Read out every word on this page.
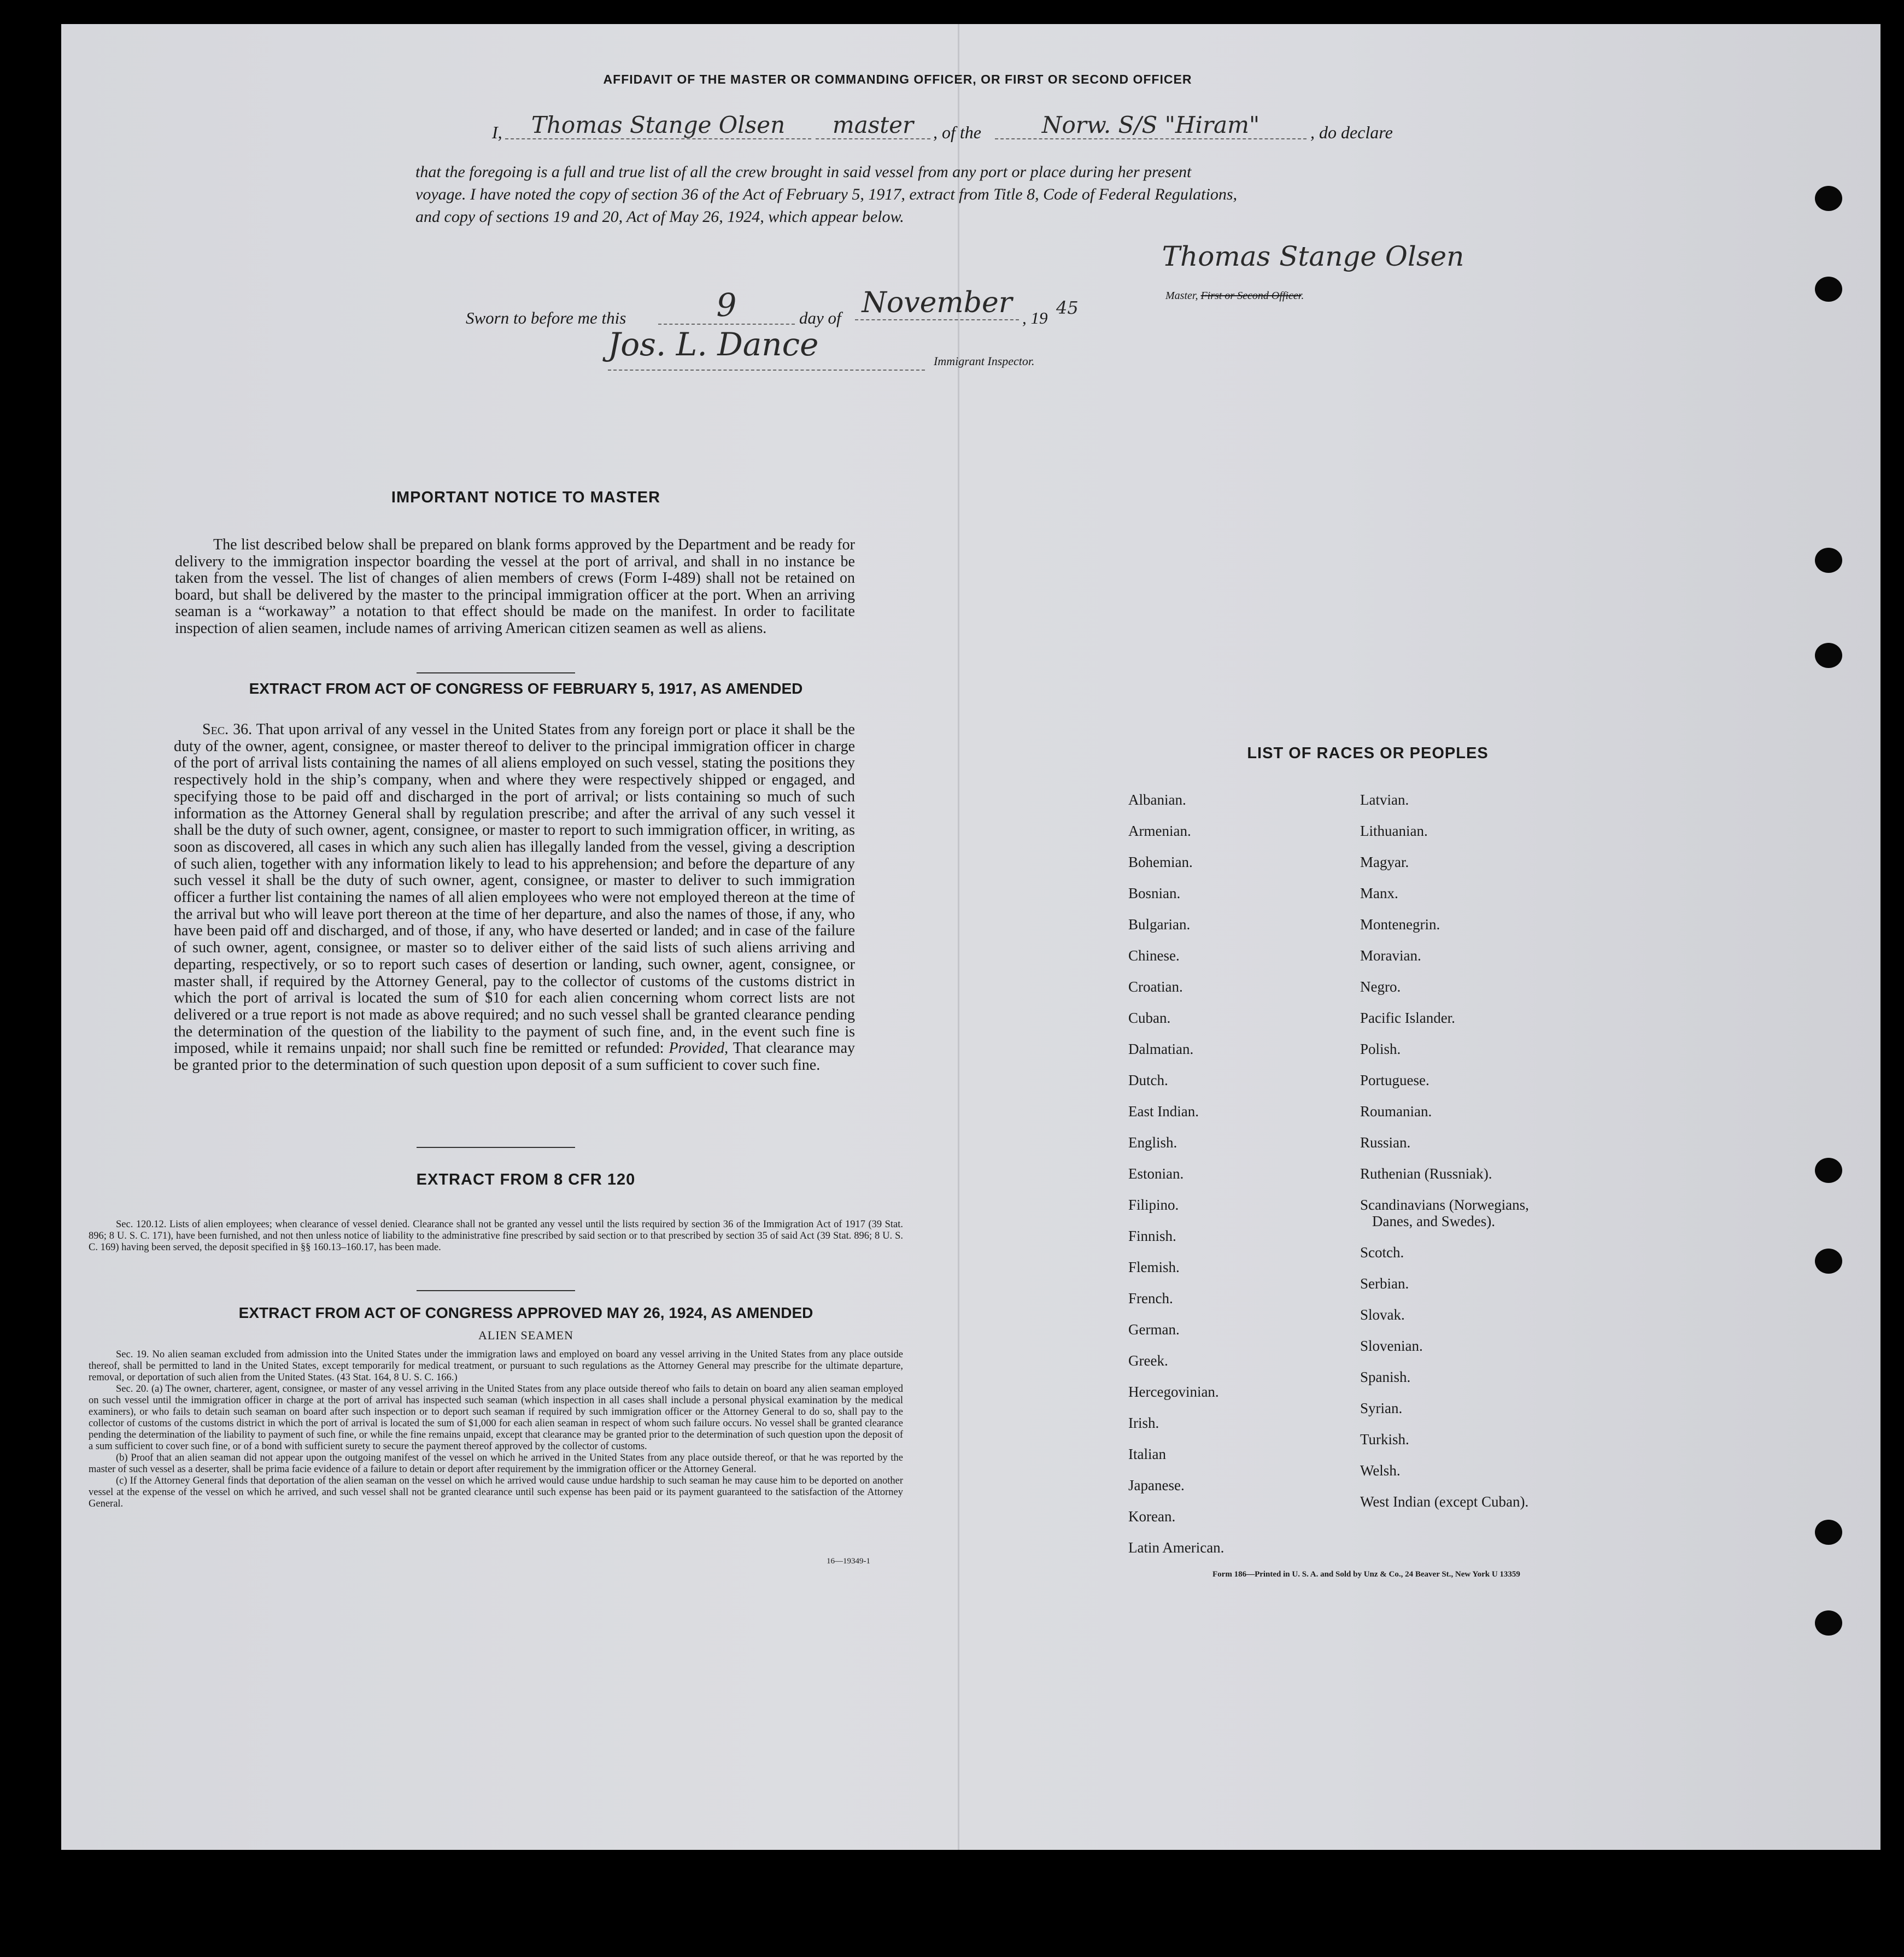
AFFIDAVIT OF THE MASTER OR COMMANDING OFFICER, OR FIRST OR SECOND OFFICER
I,	Thomas Stange Olsen	master	, of the	Norw. S/S "Hiram"	, do declare
that the foregoing is a full and true list of all the crew brought in said vessel from any port or place during her present
voyage. I have noted the copy of section 36 of the Act of February 5, 1917, extract from Title 8, Code of Federal Regulations,
and copy of sections 19 and 20, Act of May 26, 1924, which appear below.
Thomas Stange Olsen
Master, First or Second Officer.
Sworn to before me this	9	day of November , 19 45
Jos. L. Dance	Immigrant Inspector.
IMPORTANT NOTICE TO MASTER
The list described below shall be prepared on blank forms approved by the Department and be ready for delivery to the immigration inspector boarding the vessel at the port of arrival, and shall in no instance be taken from the vessel. The list of changes of alien members of crews (Form I-489) shall not be retained on board, but shall be delivered by the master to the principal immigration officer at the port. When an arriving seaman is a “workaway” a notation to that effect should be made on the manifest. In order to facilitate inspection of alien seamen, include names of arriving American citizen seamen as well as aliens.
EXTRACT FROM ACT OF CONGRESS OF FEBRUARY 5, 1917, AS AMENDED
Sec. 36. That upon arrival of any vessel in the United States from any foreign port or place it shall be the duty of the owner, agent, consignee, or master thereof to deliver to the principal immigration officer in charge of the port of arrival lists containing the names of all aliens employed on such vessel, stating the positions they respectively hold in the ship’s company, when and where they were respectively shipped or engaged, and specifying those to be paid off and discharged in the port of arrival; or lists containing so much of such information as the Attorney General shall by regulation prescribe; and after the arrival of any such vessel it shall be the duty of such owner, agent, consignee, or master to report to such immigration officer, in writing, as soon as discovered, all cases in which any such alien has illegally landed from the vessel, giving a description of such alien, together with any information likely to lead to his apprehension; and before the departure of any such vessel it shall be the duty of such owner, agent, consignee, or master to deliver to such immigration officer a further list containing the names of all alien employees who were not employed thereon at the time of the arrival but who will leave port thereon at the time of her departure, and also the names of those, if any, who have been paid off and discharged, and of those, if any, who have deserted or landed; and in case of the failure of such owner, agent, consignee, or master so to deliver either of the said lists of such aliens arriving and departing, respectively, or so to report such cases of desertion or landing, such owner, agent, consignee, or master shall, if required by the Attorney General, pay to the collector of customs of the customs district in which the port of arrival is located the sum of $10 for each alien concerning whom correct lists are not delivered or a true report is not made as above required; and no such vessel shall be granted clearance pending the determination of the question of the liability to the payment of such fine, and, in the event such fine is imposed, while it remains unpaid; nor shall such fine be remitted or refunded: Provided, That clearance may be granted prior to the determination of such question upon deposit of a sum sufficient to cover such fine.
EXTRACT FROM 8 CFR 120
Sec. 120.12. Lists of alien employees; when clearance of vessel denied. Clearance shall not be granted any vessel until the lists required by section 36 of the Immigration Act of 1917 (39 Stat. 896; 8 U. S. C. 171), have been furnished, and not then unless notice of liability to the administrative fine prescribed by said section or to that prescribed by section 35 of said Act (39 Stat. 896; 8 U. S. C. 169) having been served, the deposit specified in §§ 160.13–160.17, has been made.
EXTRACT FROM ACT OF CONGRESS APPROVED MAY 26, 1924, AS AMENDED
ALIEN SEAMEN
Sec. 19. No alien seaman excluded from admission into the United States under the immigration laws and employed on board any vessel arriving in the United States from any place outside thereof, shall be permitted to land in the United States, except temporarily for medical treatment, or pursuant to such regulations as the Attorney General may prescribe for the ultimate departure, removal, or deportation of such alien from the United States. (43 Stat. 164, 8 U. S. C. 166.)
Sec. 20. (a) The owner, charterer, agent, consignee, or master of any vessel arriving in the United States from any place outside thereof who fails to detain on board any alien seaman employed on such vessel until the immigration officer in charge at the port of arrival has inspected such seaman (which inspection in all cases shall include a personal physical examination by the medical examiners), or who fails to detain such seaman on board after such inspection or to deport such seaman if required by such immigration officer or the Attorney General to do so, shall pay to the collector of customs of the customs district in which the port of arrival is located the sum of $1,000 for each alien seaman in respect of whom such failure occurs. No vessel shall be granted clearance pending the determination of the liability to payment of such fine, or while the fine remains unpaid, except that clearance may be granted prior to the determination of such question upon the deposit of a sum sufficient to cover such fine, or of a bond with sufficient surety to secure the payment thereof approved by the collector of customs.
(b) Proof that an alien seaman did not appear upon the outgoing manifest of the vessel on which he arrived in the United States from any place outside thereof, or that he was reported by the master of such vessel as a deserter, shall be prima facie evidence of a failure to detain or deport after requirement by the immigration officer or the Attorney General.
(c) If the Attorney General finds that deportation of the alien seaman on the vessel on which he arrived would cause undue hardship to such seaman he may cause him to be deported on another vessel at the expense of the vessel on which he arrived, and such vessel shall not be granted clearance until such expense has been paid or its payment guaranteed to the satisfaction of the Attorney General.
16—19349-1
LIST OF RACES OR PEOPLES
Albanian.
Armenian.
Bohemian.
Bosnian.
Bulgarian.
Chinese.
Croatian.
Cuban.
Dalmatian.
Dutch.
East Indian.
English.
Estonian.
Filipino.
Finnish.
Flemish.
French.
German.
Greek.
Hercegovinian.
Irish.
Italian
Japanese.
Korean.
Latin American.
Latvian.
Lithuanian.
Magyar.
Manx.
Montenegrin.
Moravian.
Negro.
Pacific Islander.
Polish.
Portuguese.
Roumanian.
Russian.
Ruthenian (Russniak).
Scandinavians (Norwegians,
Danes, and Swedes).
Scotch.
Serbian.
Slovak.
Slovenian.
Spanish.
Syrian.
Turkish.
Welsh.
West Indian (except Cuban).
Form 186—Printed in U. S. A. and Sold by Unz & Co., 24 Beaver St., New York U 13359
